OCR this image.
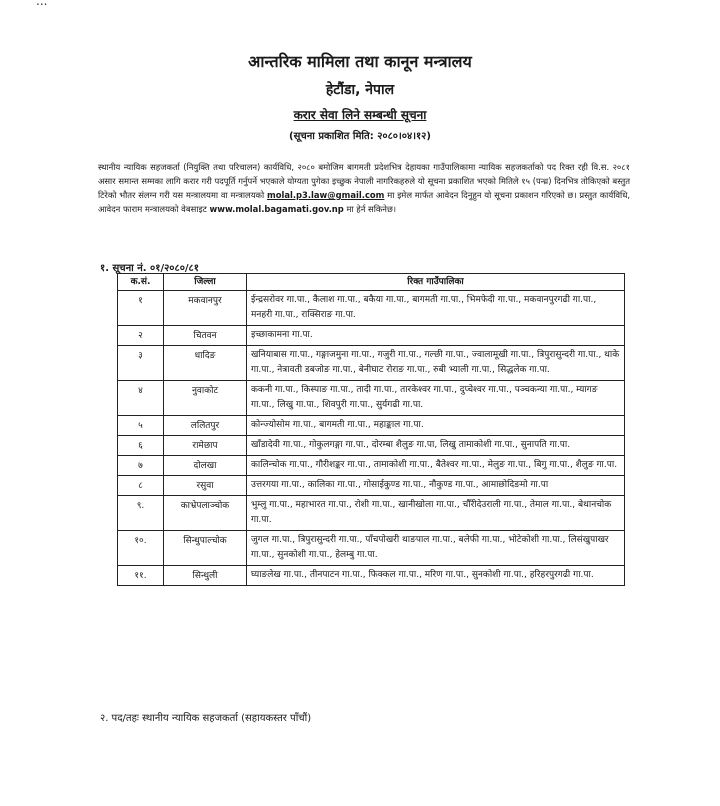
...
आन्तरिक मामिला तथा कानून मन्त्रालय
हेटौंडा, नेपाल
करार सेवा लिने सम्बन्धी सूचना
(सूचना प्रकाशित मिति: २०८०।०४।१२)
स्थानीय न्यायिक सहजकर्ता (नियुक्ति तथा परिचालन) कार्यविधि, २०८० बमोजिम बागमती प्रदेशभित्र देहायका गाउँपालिकामा न्यायिक सहजकर्ताको पद रिक्त रही वि.स. २०८१ असार समान्त सम्मका लागि करार गरी पदपूर्ति गर्नुपर्ने भएकाले योग्यता पुगेका इच्छुक नेपाली नागरिकहरुले यो सूचना प्रकाशित भएको मितिले १५ (पन्ध्र) दिनभित्र तोकिएको बस्तुत टिरेको भौतर संलग्न गरी यस मन्त्रालयमा वा मन्त्रालयको molal.p3.law@gmail.com मा इमेल मार्फत आवेदन दिनुहुन यो सूचना प्रकाशन गरिएको छ। प्रस्तुत कार्यविधि, आवेदन फाराम मन्त्रालयको वेबसाइट www.molal.bagamati.gov.np मा हेर्न सकिनेछ।
१. सूचना नं. ०१/२०८०/८१
क.सं.	जिल्ला	रिक्त गाउँपालिका
१	मकवानपुर	ईन्द्रसरोवर गा.पा., कैलाश गा.पा., बकैया गा.पा., बागमती गा.पा., भिमफेदी गा.पा., मकवानपुरगढी गा.पा., मनहरी गा.पा., राक्सिराङ गा.पा.
२	चितवन	इच्छाकामना गा.पा.
३	धादिङ	खनियाबास गा.पा., गङ्गाजमुना गा.पा., गजुरी गा.पा., गल्छी गा.पा., ज्वालामूखी गा.पा., त्रिपुरासुन्दरी गा.पा., थाके गा.पा., नेत्रावती डबजोङ गा.पा., बेनीघाट रोराङ गा.पा., रुबी भ्याली गा.पा., सिद्धलेक गा.पा.
४	नुवाकोट	ककनी गा.पा., किस्पाङ गा.पा., तादी गा.पा., तारकेश्वर गा.पा., दुप्चेश्वर गा.पा., पञ्चकन्या गा.पा., म्यागङ गा.पा., लिखु गा.पा., शिवपुरी गा.पा., सुर्यगढी गा.पा.
५	ललितपुर	कोन्ज्योसोम गा.पा., बागमती गा.पा., महाङ्काल गा.पा.
६	रामेछाप	खाँडादेवी गा.पा., गोकुलगङ्गा गा.पा., दोरम्बा शैलुङ गा.पा, लिखु तामाकोशी गा.पा., सुनापति गा.पा.
७	दोलखा	कालिन्चोक गा.पा., गौरीशङ्कर गा.पा., तामाकोशी गा.पा., बैतेश्वर गा.पा., मेलुङ गा.पा., बिगु गा.पा., शैलुङ गा.पा.
८	रसुवा	उत्तरगया गा.पा., कालिका गा.पा., गोसाईकुण्ड गा.पा., नौकुण्ड गा.पा., आमाछोदिङमो गा.पा
९.	काभ्रेपलाञ्चोक	भुम्लु गा.पा., महाभारत गा.पा., रोशी गा.पा., खानीखोला गा.पा., चौँरीदेउराली गा.पा., तेमाल गा.पा., बेथानचोक गा.पा.
१०.	सिन्धुपाल्चोक	जुगल गा.पा., त्रिपुरासुन्दरी गा.पा., पाँचपोखरी थाङपाल गा.पा., बलेफी गा.पा., भोटेकोशी गा.पा., लिसंखुपाखर गा.पा., सुनकोशी गा.पा., हेलम्बु गा.पा.
११.	सिन्धुली	घ्याङलेख गा.पा., तीनपाटन गा.पा., फिक्कल गा.पा., मरिण गा.पा., सुनकोशी गा.पा., हरिहरपुरगढी गा.पा.
२. पद/तहः स्थानीय न्यायिक सहजकर्ता (सहायकस्तर पाँचौं)
...
